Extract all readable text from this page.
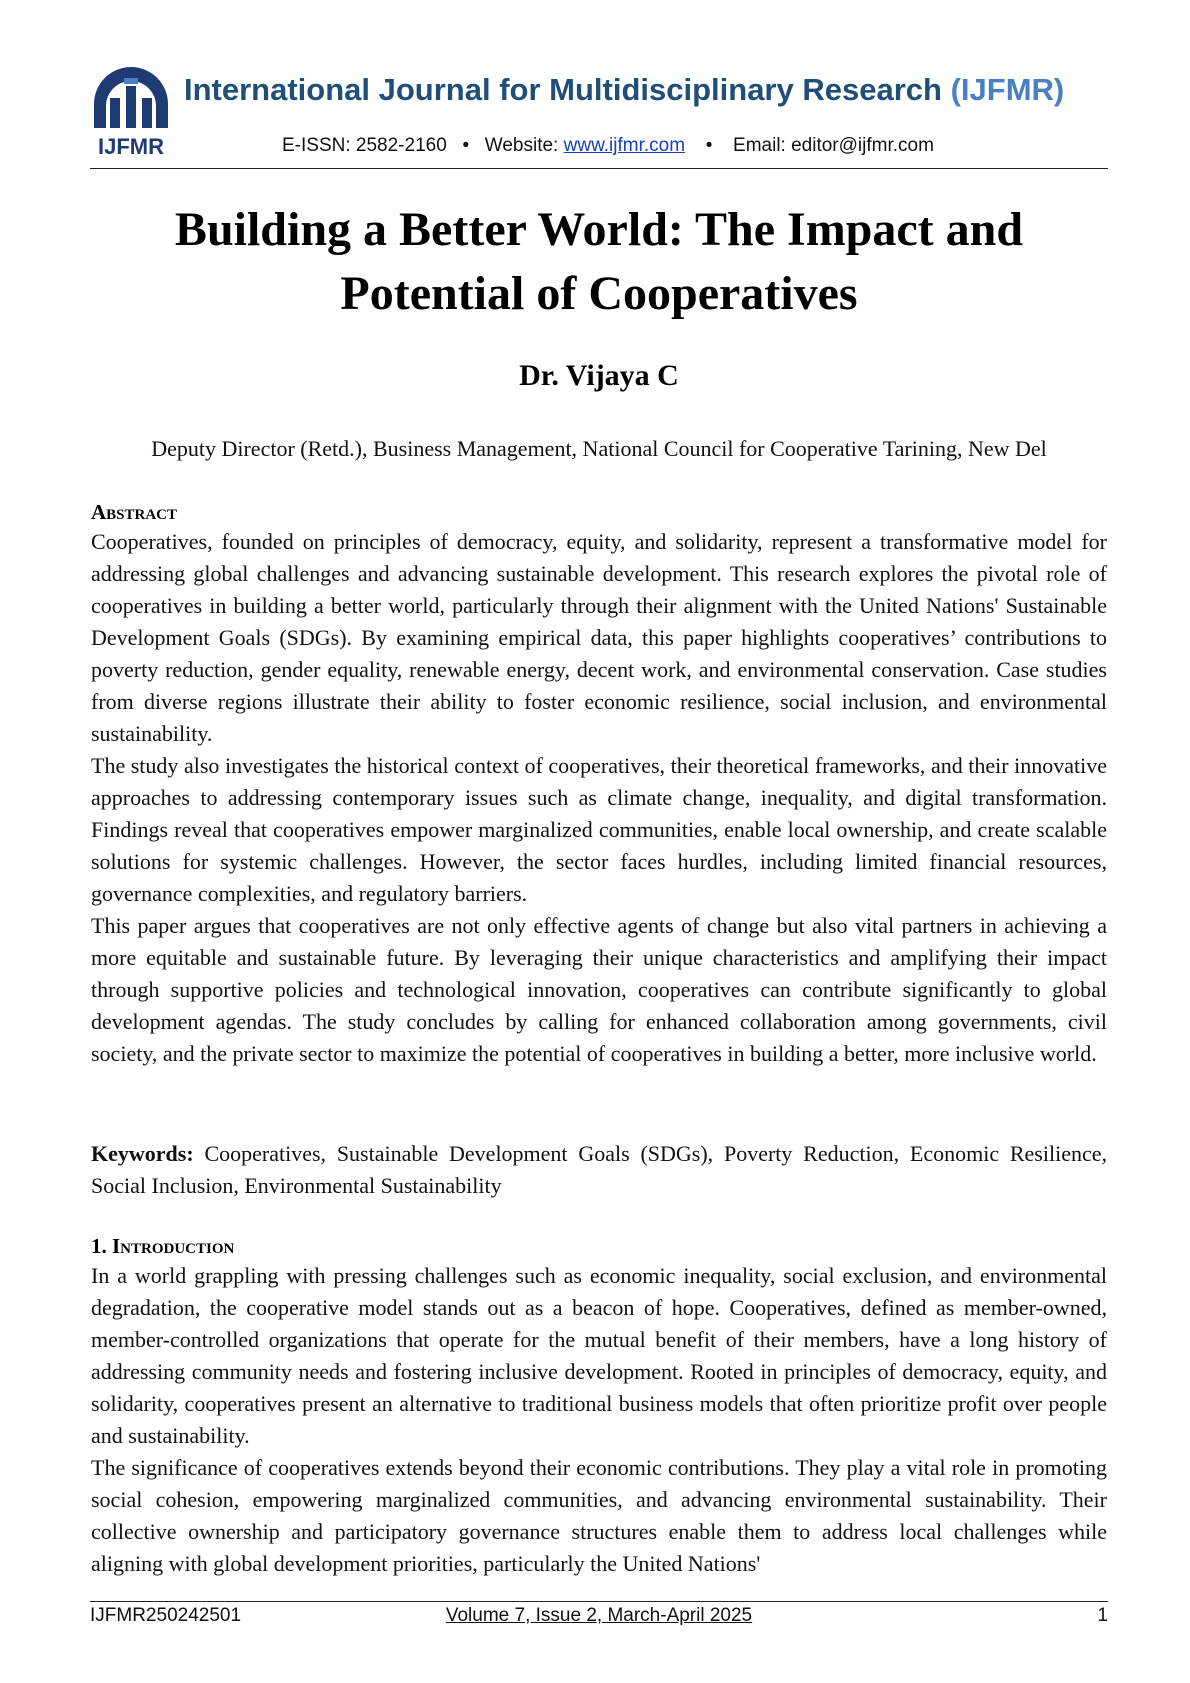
IJFMR
International Journal for Multidisciplinary Research (IJFMR)
E-ISSN: 2582-2160 • Website: www.ijfmr.com • Email: editor@ijfmr.com
Building a Better World: The Impact and
Potential of Cooperatives
Dr. Vijaya C
Deputy Director (Retd.), Business Management, National Council for Cooperative Tarining, New Del
Abstract

Cooperatives, founded on principles of democracy, equity, and solidarity, represent a transformative model for addressing global challenges and advancing sustainable development. This research explores the pivotal role of cooperatives in building a better world, particularly through their alignment with the United Nations' Sustainable Development Goals (SDGs). By examining empirical data, this paper highlights cooperatives’ contributions to poverty reduction, gender equality, renewable energy, decent work, and environmental conservation. Case studies from diverse regions illustrate their ability to foster economic resilience, social inclusion, and environmental sustainability.

The study also investigates the historical context of cooperatives, their theoretical frameworks, and their innovative approaches to addressing contemporary issues such as climate change, inequality, and digital transformation. Findings reveal that cooperatives empower marginalized communities, enable local ownership, and create scalable solutions for systemic challenges. However, the sector faces hurdles, including limited financial resources, governance complexities, and regulatory barriers.

This paper argues that cooperatives are not only effective agents of change but also vital partners in achieving a more equitable and sustainable future. By leveraging their unique characteristics and amplifying their impact through supportive policies and technological innovation, cooperatives can contribute significantly to global development agendas. The study concludes by calling for enhanced collaboration among governments, civil society, and the private sector to maximize the potential of cooperatives in building a better, more inclusive world.

Keywords: Cooperatives, Sustainable Development Goals (SDGs), Poverty Reduction, Economic Resilience, Social Inclusion, Environmental Sustainability

1. Introduction

In a world grappling with pressing challenges such as economic inequality, social exclusion, and environmental degradation, the cooperative model stands out as a beacon of hope. Cooperatives, defined as member-owned, member-controlled organizations that operate for the mutual benefit of their members, have a long history of addressing community needs and fostering inclusive development. Rooted in principles of democracy, equity, and solidarity, cooperatives present an alternative to traditional business models that often prioritize profit over people and sustainability.

The significance of cooperatives extends beyond their economic contributions. They play a vital role in promoting social cohesion, empowering marginalized communities, and advancing environmental sustainability. Their collective ownership and participatory governance structures enable them to address local challenges while aligning with global development priorities, particularly the United Nations'

IJFMR250242501	Volume 7, Issue 2, March-April 2025	1
